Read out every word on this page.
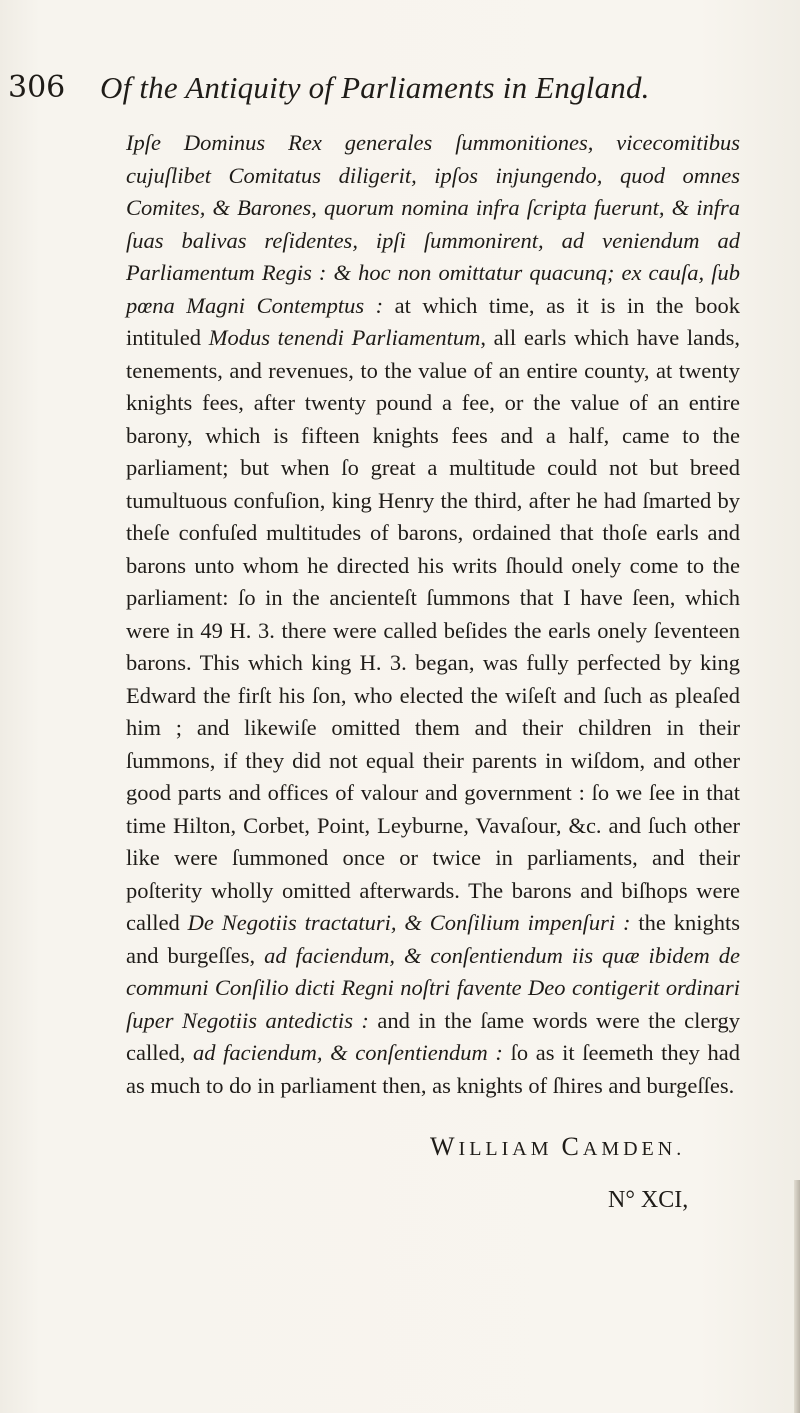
306 Of the Antiquity of Parliaments in England.

Ipſe Dominus Rex generales ſummonitiones, vicecomitibus cujuſlibet Comitatus diligerit, ipſos injungendo, quod omnes Comites, & Barones, quorum nomina infra ſcripta fuerunt, & infra ſuas balivas reſidentes, ipſi ſummonirent, ad veniendum ad Parliamentum Regis : & hoc non omittatur quacunq; ex cauſa, ſub pœna Magni Contemptus : at which time, as it is in the book intituled Modus tenendi Parliamentum, all earls which have lands, tenements, and revenues, to the value of an entire county, at twenty knights fees, after twenty pound a fee, or the value of an entire barony, which is fifteen knights fees and a half, came to the parliament; but when ſo great a multitude could not but breed tumultuous confuſion, king Henry the third, after he had ſmarted by theſe confuſed multitudes of barons, ordained that thoſe earls and barons unto whom he directed his writs ſhould onely come to the parliament: ſo in the ancienteſt ſummons that I have ſeen, which were in 49 H. 3. there were called beſides the earls onely ſeventeen barons. This which king H. 3. began, was fully perfected by king Edward the firſt his ſon, who elected the wiſeſt and ſuch as pleaſed him ; and likewiſe omitted them and their children in their ſummons, if they did not equal their parents in wiſdom, and other good parts and offices of valour and government : ſo we ſee in that time Hilton, Corbet, Point, Leyburne, Vavaſour, &c. and ſuch other like were ſummoned once or twice in parliaments, and their poſterity wholly omitted afterwards. The barons and biſhops were called De Negotiis tractaturi, & Conſilium impenſuri : the knights and burgeſſes, ad faciendum, & conſentiendum iis quæ ibidem de communi Conſilio dicti Regni noſtri favente Deo contigerit ordinari ſuper Negotiis antedictis : and in the ſame words were the clergy called, ad faciendum, & conſentiendum : ſo as it ſeemeth they had as much to do in parliament then, as knights of ſhires and burgeſſes.

WILLIAM CAMDEN.
N° XCI,
